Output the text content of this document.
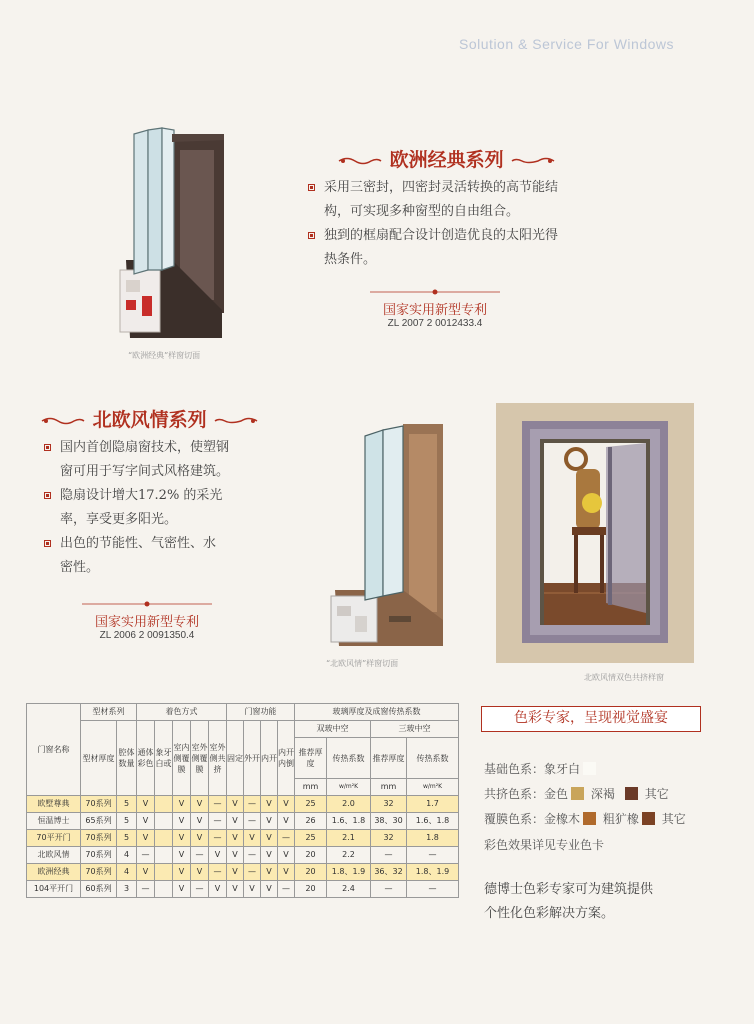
Solution & Service For Windows
“欧洲经典”样窗切面
欧洲经典系列

采用三密封，四密封灵活转换的高节能结

构，可实现多种窗型的自由组合。

独到的框扇配合设计创造优良的太阳光得

热条件。

国家实用新型专利
ZL 2007 2 0012433.4
北欧风情系列

国内首创隐扇窗技术，使塑钢

窗可用于写字间式风格建筑。

隐扇设计增大17.2% 的采光

率，享受更多阳光。

出色的节能性、气密性、水

密性。

国家实用新型专利
ZL 2006 2 0091350.4
“北欧风情”样窗切面
北欧风情双色共挤样窗
门窗名称	型材系列		着色方式					门窗功能				玻璃厚度及成窗传热系数			
	型材厚度	腔体数量	通体彩色	象牙白或	室内侧覆膜	室外侧覆膜	室外侧共挤	固定	外开	内开	内开内倒	双玻中空		三玻中空	
												推荐厚度	传热系数	推荐厚度	传热系数
												mm	w/m²K	mm	w/m²K
欧墅尊典	70系列	5	V		V	V	—	V	—	V	V	25	2.0	32	1.7
恒温博士	65系列	5	V		V	V	—	V	—	V	V	26	1.6、1.8	38、30	1.6、1.8
70平开门	70系列	5	V		V	V	—	V	V	V	—	25	2.1	32	1.8
北欧风情	70系列	4	—		V	—	V	V	—	V	V	20	2.2	—	—
欧洲经典	70系列	4	V		V	V	—	V	—	V	V	20	1.8、1.9	36、32	1.8、1.9
104平开门	60系列	3	—		V	—	V	V	V	V	—	20	2.4	—	—
色彩专家，呈现视觉盛宴
基础色系：象牙白
共挤色系：金色 深褐 其它
覆膜色系：金橡木 粗犷橡 其它
彩色效果详见专业色卡
德博士色彩专家可为建筑提供
个性化色彩解决方案。
